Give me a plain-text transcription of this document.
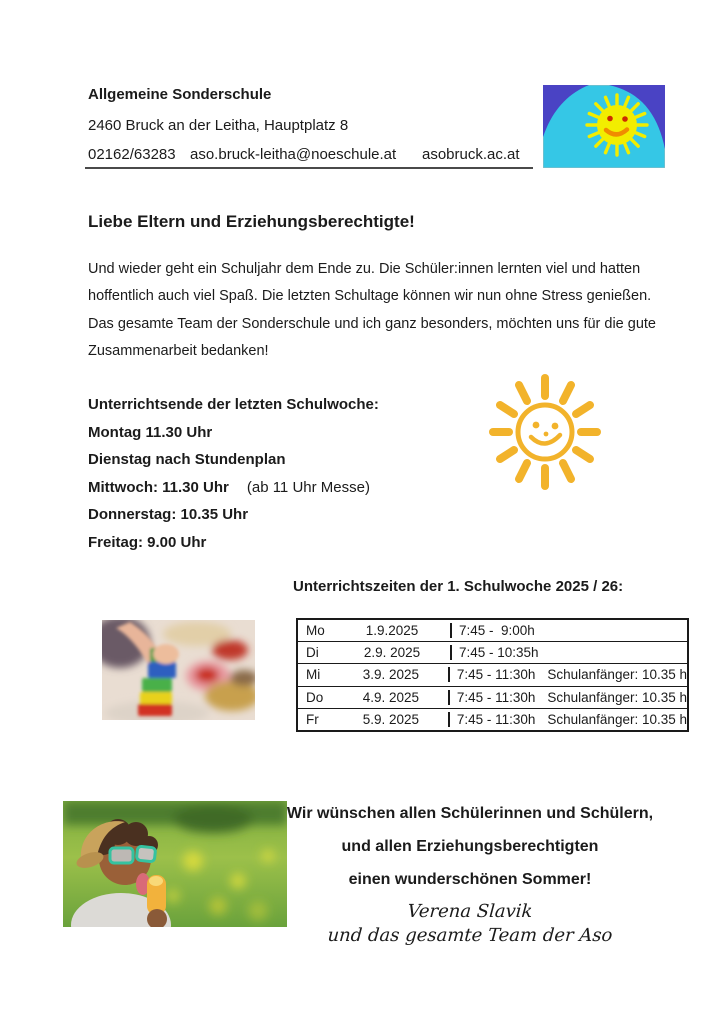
Allgemeine Sonderschule
2460 Bruck an der Leitha, Hauptplatz 8
02162/63283 aso.bruck-leitha@noeschule.at	asobruck.ac.at
Liebe Eltern und Erziehungsberechtigte!
Und wieder geht ein Schuljahr dem Ende zu. Die Schüler:innen lernten viel und hatten
hoffentlich auch viel Spaß. Die letzten Schultage können wir nun ohne Stress genießen.
Das gesamte Team der Sonderschule und ich ganz besonders, möchten uns für die gute
Zusammenarbeit bedanken!
Unterrichtsende der letzten Schulwoche:
Montag 11.30 Uhr
Dienstag nach Stundenplan
Mittwoch: 11.30 Uhr (ab 11 Uhr Messe)
Donnerstag: 10.35 Uhr
Freitag: 9.00 Uhr
Unterrichtszeiten der 1. Schulwoche 2025 / 26:
Mo	1.9.2025	7:45 -  9:00h
Di	2.9. 2025	7:45 - 10:35h
Mi	3.9. 2025	7:45 - 11:30h Schulanfänger: 10.35 h
Do	4.9. 2025	7:45 - 11:30h Schulanfänger: 10.35 h
Fr	5.9. 2025	7:45 - 11:30h Schulanfänger: 10.35 h
Wir wünschen allen Schülerinnen und Schülern,
und allen Erziehungsberechtigten
einen wunderschönen Sommer!
Verena Slavik
und das gesamte Team der Aso
